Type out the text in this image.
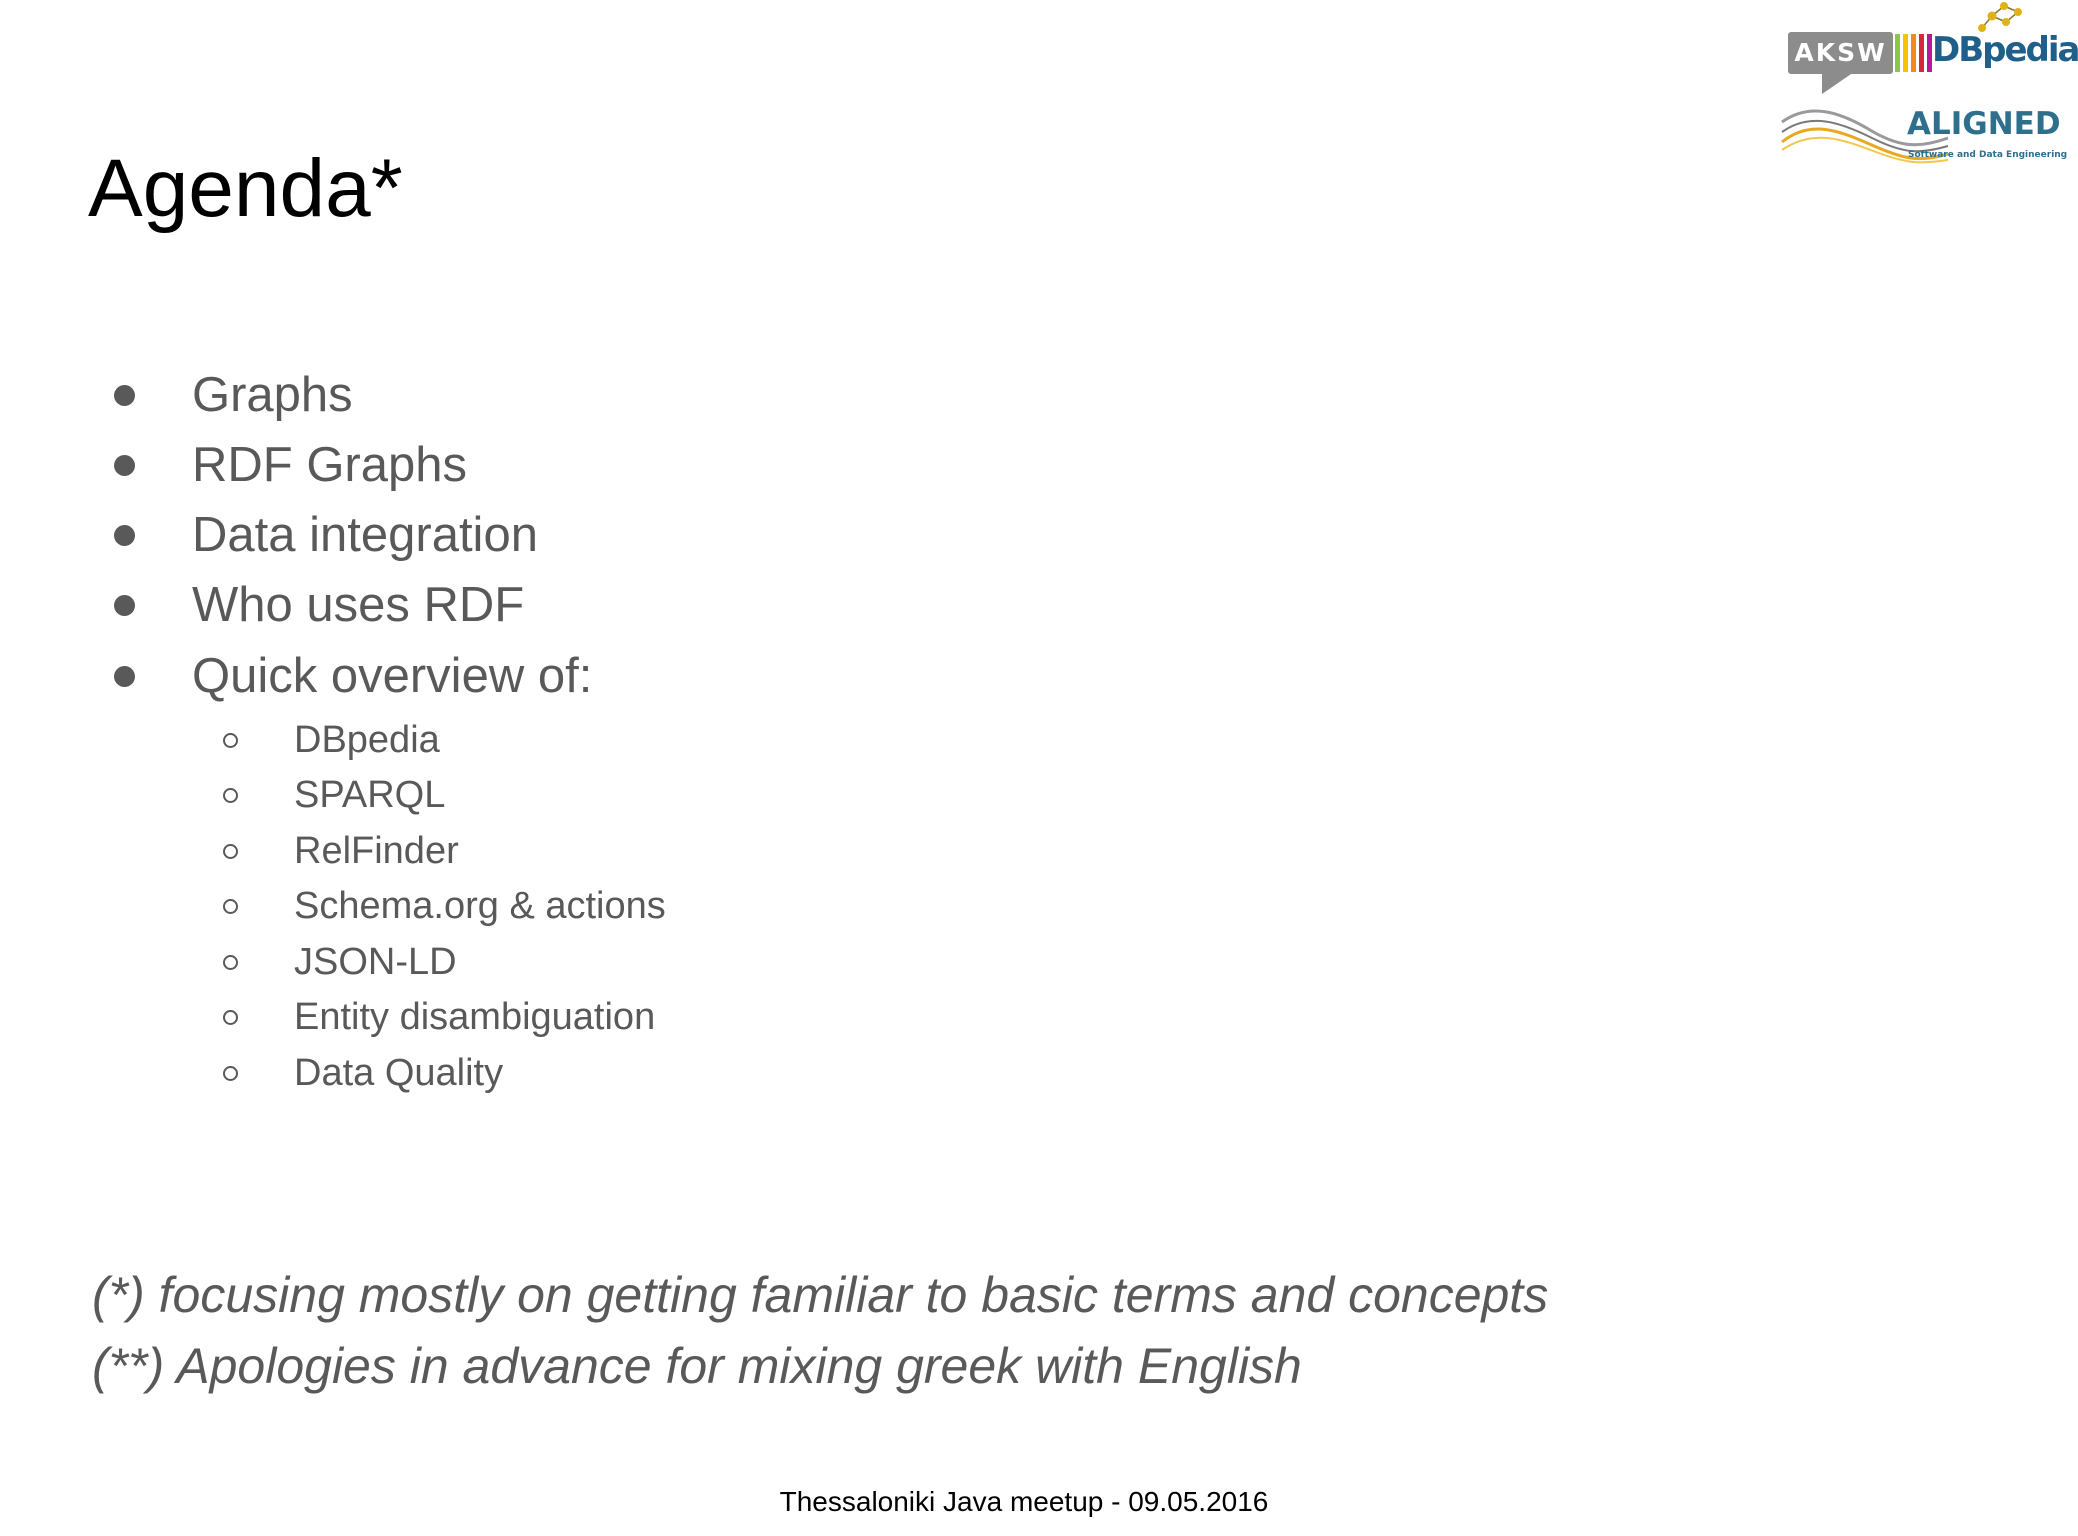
Agenda*
AKSW DBpedia
ALIGNED
Software and Data Engineering
Graphs
RDF Graphs
Data integration
Who uses RDF
Quick overview of:
DBpedia
SPARQL
RelFinder
Schema.org & actions
JSON-LD
Entity disambiguation
Data Quality
(*) focusing mostly on getting familiar to basic terms and concepts
(**) Apologies in advance for mixing greek with English
Thessaloniki Java meetup - 09.05.2016
